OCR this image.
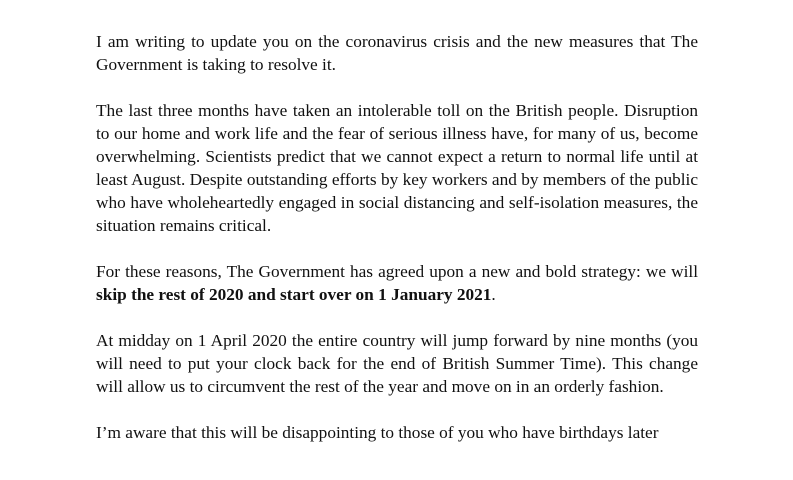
I am writing to update you on the coronavirus crisis and the new measures that The Government is taking to resolve it.

The last three months have taken an intolerable toll on the British people. Disruption to our home and work life and the fear of serious illness have, for many of us, become overwhelming. Scientists predict that we cannot expect a return to normal life until at least August. Despite outstanding efforts by key workers and by members of the public who have wholeheartedly engaged in social distancing and self-isolation measures, the situation remains critical.

For these reasons, The Government has agreed upon a new and bold strategy: we will skip the rest of 2020 and start over on 1 January 2021.

At midday on 1 April 2020 the entire country will jump forward by nine months (you will need to put your clock back for the end of British Summer Time). This change will allow us to circumvent the rest of the year and move on in an orderly fashion.

I’m aware that this will be disappointing to those of you who have birthdays later
